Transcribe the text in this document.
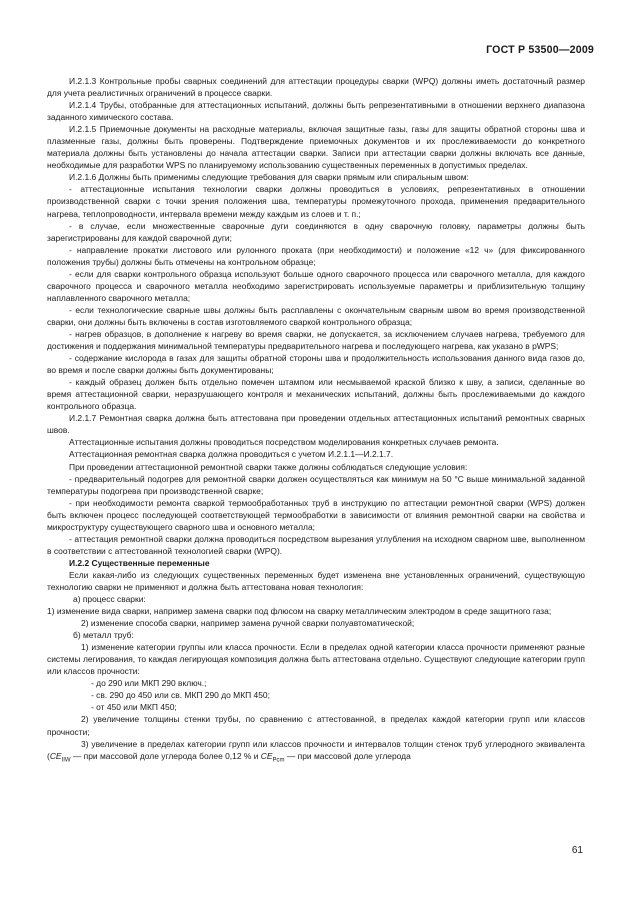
ГОСТ Р 53500—2009

И.2.1.3 Контрольные пробы сварных соединений для аттестации процедуры сварки (WPQ) должны иметь достаточный размер для учета реалистичных ограничений в процессе сварки.

И.2.1.4 Трубы, отобранные для аттестационных испытаний, должны быть репрезентативными в отношении верхнего диапазона заданного химического состава.

И.2.1.5 Приемочные документы на расходные материалы, включая защитные газы, газы для защиты обратной стороны шва и плазменные газы, должны быть проверены. Подтверждение приемочных документов и их прослеживаемости до конкретного материала должны быть установлены до начала аттестации сварки. Записи при аттестации сварки должны включать все данные, необходимые для разработки WPS по планируемому использованию существенных переменных в допустимых пределах.

И.2.1.6 Должны быть применимы следующие требования для сварки прямым или спиральным швом:

- аттестационные испытания технологии сварки должны проводиться в условиях, репрезентативных в отношении производственной сварки с точки зрения положения шва, температуры промежуточного прохода, применения предварительного нагрева, теплопроводности, интервала времени между каждым из слоев и т. п.;

- в случае, если множественные сварочные дуги соединяются в одну сварочную головку, параметры должны быть зарегистрированы для каждой сварочной дуги;

- направление прокатки листового или рулонного проката (при необходимости) и положение «12 ч» (для фиксированного положения трубы) должны быть отмечены на контрольном образце;

- если для сварки контрольного образца используют больше одного сварочного процесса или сварочного металла, для каждого сварочного процесса и сварочного металла необходимо зарегистрировать используемые параметры и приблизительную толщину наплавленного сварочного металла;

- если технологические сварные швы должны быть расплавлены с окончательным сварным швом во время производственной сварки, они должны быть включены в состав изготовляемого сваркой контрольного образца;

- нагрев образцов, в дополнение к нагреву во время сварки, не допускается, за исключением случаев нагрева, требуемого для достижения и поддержания минимальной температуры предварительного нагрева и последующего нагрева, как указано в pWPS;

- содержание кислорода в газах для защиты обратной стороны шва и продолжительность использования данного вида газов до, во время и после сварки должны быть документированы;

- каждый образец должен быть отдельно помечен штампом или несмываемой краской близко к шву, а записи, сделанные во время аттестационной сварки, неразрушающего контроля и механических испытаний, должны быть прослеживаемыми до каждого контрольного образца.

И.2.1.7 Ремонтная сварка должна быть аттестована при проведении отдельных аттестационных испытаний ремонтных сварных швов.

Аттестационные испытания должны проводиться посредством моделирования конкретных случаев ремонта.

Аттестационная ремонтная сварка должна проводиться с учетом И.2.1.1—И.2.1.7.

При проведении аттестационной ремонтной сварки также должны соблюдаться следующие условия:

- предварительный подогрев для ремонтной сварки должен осуществляться как минимум на 50 °С выше минимальной заданной температуры подогрева при производственной сварке;

- при необходимости ремонта сваркой термообработанных труб в инструкцию по аттестации ремонтной сварки (WPS) должен быть включен процесс последующей соответствующей термообработки в зависимости от влияния ремонтной сварки на свойства и микроструктуру существующего сварного шва и основного металла;

- аттестация ремонтной сварки должна проводиться посредством вырезания углубления на исходном сварном шве, выполненном в соответствии с аттестованной технологией сварки (WPQ).

И.2.2 Существенные переменные

Если какая-либо из следующих существенных переменных будет изменена вне установленных ограничений, существующую технологию сварки не применяют и должна быть аттестована новая технология:

а) процесс сварки:

1) изменение вида сварки, например замена сварки под флюсом на сварку металлическим электродом в среде защитного газа;

2) изменение способа сварки, например замена ручной сварки полуавтоматической;

б) металл труб:

1) изменение категории группы или класса прочности. Если в пределах одной категории класса прочности применяют разные системы легирования, то каждая легирующая композиция должна быть аттестована отдельно. Существуют следующие категории групп или классов прочности:

- до 290 или МКП 290 включ.;

- св. 290 до 450 или св. МКП 290 до МКП 450;

- от 450 или МКП 450;

2) увеличение толщины стенки трубы, по сравнению с аттестованной, в пределах каждой категории групп или классов прочности;

3) увеличение в пределах категории групп или классов прочности и интервалов толщин стенок труб углеродного эквивалента ($CE_{IIW}$ — при массовой доле углерода более 0,12 % и $CE_{Pcm}$ — при массовой доле углерода

61
